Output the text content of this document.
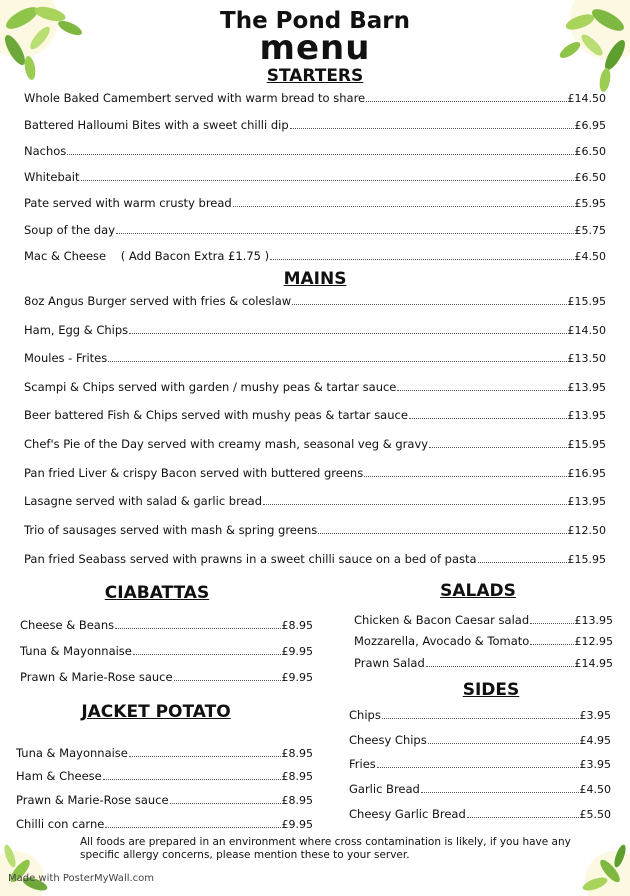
The Pond Barn
menu
STARTERS
MAINS
CIABATTAS	SALADS
JACKET POTATO
SIDES
Whole Baked Camembert served with warm bread to share	£14.50
Battered Halloumi Bites with a sweet chilli dip	£6.95
Nachos	£6.50
Whitebait	£6.50
Pate served with warm crusty bread	£5.95
Soup of the day	£5.75
Mac & Cheese    ( Add Bacon Extra £1.75 )	£4.50
8oz Angus Burger served with fries & coleslaw	£15.95
Ham, Egg & Chips	£14.50
Moules - Frites	£13.50
Scampi & Chips served with garden / mushy peas & tartar sauce	£13.95
Beer battered Fish & Chips served with mushy peas & tartar sauce	£13.95
Chef's Pie of the Day served with creamy mash, seasonal veg & gravy	£15.95
Pan fried Liver & crispy Bacon served with buttered greens	£16.95
Lasagne served with salad & garlic bread	£13.95
Trio of sausages served with mash & spring greens	£12.50
Pan fried Seabass served with prawns in a sweet chilli sauce on a bed of pasta	£15.95
Cheese & Beans	£8.95
Tuna & Mayonnaise	£9.95
Prawn & Marie-Rose sauce	£9.95
Tuna & Mayonnaise	£8.95
Ham & Cheese	£8.95
Prawn & Marie-Rose sauce	£8.95
Chilli con carne	£9.95
Chicken & Bacon Caesar salad	£13.95
Mozzarella, Avocado & Tomato	£12.95
Prawn Salad	£14.95
Chips	£3.95
Cheesy Chips	£4.95
Fries	£3.95
Garlic Bread	£4.50
Cheesy Garlic Bread	£5.50
All foods are prepared in an environment where cross contamination is likely, if you have any specific allergy concerns, please mention these to your server.
Made with PosterMyWall.com
